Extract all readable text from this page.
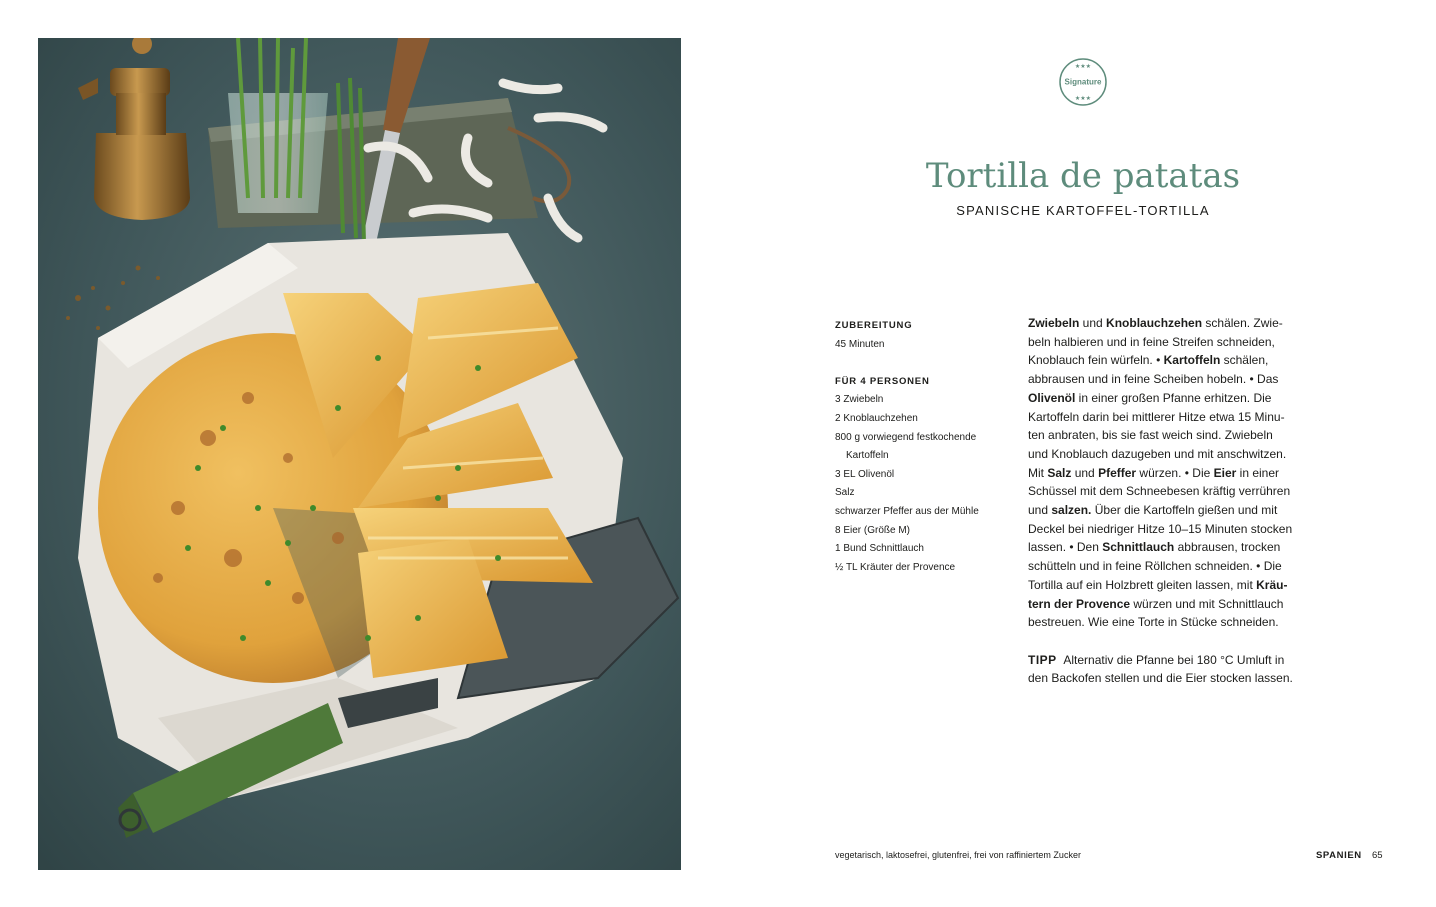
★★★
★★★
Signature
Tortilla de patatas
SPANISCHE KARTOFFEL-TORTILLA
ZUBEREITUNG
45 Minuten
FÜR 4 PERSONEN
3 Zwiebeln
2 Knoblauchzehen
800 g vorwiegend festkochende
Kartoffeln
3 EL Olivenöl
Salz
schwarzer Pfeffer aus der Mühle
8 Eier (Größe M)
1 Bund Schnittlauch
½ TL Kräuter der Provence
Zwiebeln und Knoblauchzehen schälen. Zwie-
beln halbieren und in feine Streifen schneiden,
Knoblauch fein würfeln. • Kartoffeln schälen,
abbrausen und in feine Scheiben hobeln. • Das
Olivenöl in einer großen Pfanne erhitzen. Die
Kartoffeln darin bei mittlerer Hitze etwa 15 Minu-
ten anbraten, bis sie fast weich sind. Zwiebeln
und Knoblauch dazugeben und mit anschwitzen.
Mit Salz und Pfeffer würzen. • Die Eier in einer
Schüssel mit dem Schneebesen kräftig verrühren
und salzen. Über die Kartoffeln gießen und mit
Deckel bei niedriger Hitze 10–15 Minuten stocken
lassen. • Den Schnittlauch abbrausen, trocken
schütteln und in feine Röllchen schneiden. • Die
Tortilla auf ein Holzbrett gleiten lassen, mit Kräu-
tern der Provence würzen und mit Schnittlauch
bestreuen. Wie eine Torte in Stücke schneiden.
TIPP Alternativ die Pfanne bei 180 °C Umluft in
den Backofen stellen und die Eier stocken lassen.
vegetarisch, laktosefrei, glutenfrei, frei von raffiniertem Zucker	SPANIEN 65
